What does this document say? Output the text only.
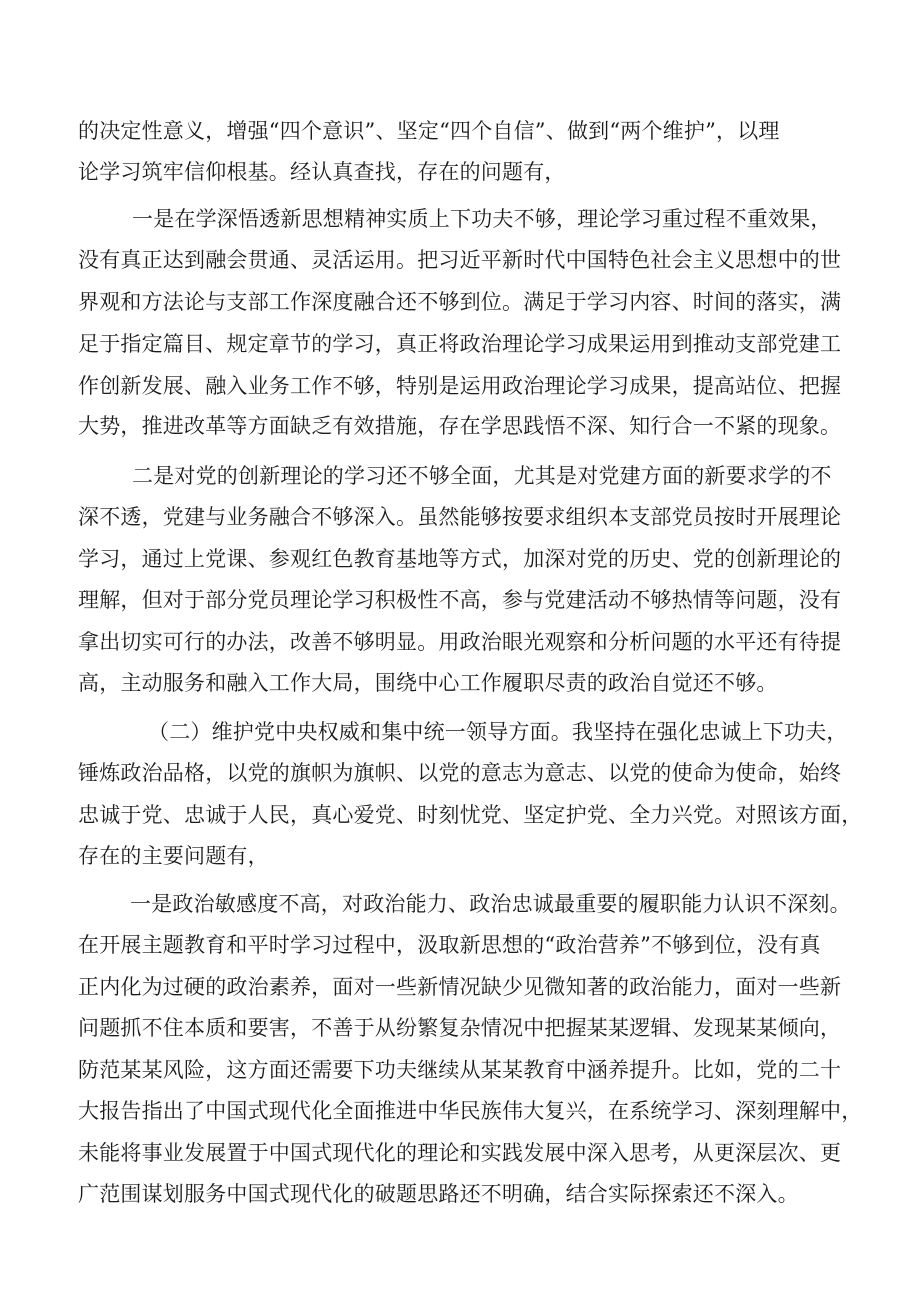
的决定性意义，增强“四个意识”、坚定“四个自信”、做到“两个维护”，以理
论学习筑牢信仰根基。经认真查找，存在的问题有，
一是在学深悟透新思想精神实质上下功夫不够，理论学习重过程不重效果，
没有真正达到融会贯通、灵活运用。把习近平新时代中国特色社会主义思想中的世
界观和方法论与支部工作深度融合还不够到位。满足于学习内容、时间的落实，满
足于指定篇目、规定章节的学习，真正将政治理论学习成果运用到推动支部党建工
作创新发展、融入业务工作不够，特别是运用政治理论学习成果，提高站位、把握
大势，推进改革等方面缺乏有效措施，存在学思践悟不深、知行合一不紧的现象。
二是对党的创新理论的学习还不够全面，尤其是对党建方面的新要求学的不
深不透，党建与业务融合不够深入。虽然能够按要求组织本支部党员按时开展理论
学习，通过上党课、参观红色教育基地等方式，加深对党的历史、党的创新理论的
理解，但对于部分党员理论学习积极性不高，参与党建活动不够热情等问题，没有
拿出切实可行的办法，改善不够明显。用政治眼光观察和分析问题的水平还有待提
高，主动服务和融入工作大局，围绕中心工作履职尽责的政治自觉还不够。
（二）维护党中央权威和集中统一领导方面。我坚持在强化忠诚上下功夫，
锤炼政治品格，以党的旗帜为旗帜、以党的意志为意志、以党的使命为使命，始终
忠诚于党、忠诚于人民，真心爱党、时刻忧党、坚定护党、全力兴党。对照该方面，
存在的主要问题有，
一是政治敏感度不高，对政治能力、政治忠诚最重要的履职能力认识不深刻。
在开展主题教育和平时学习过程中，汲取新思想的“政治营养”不够到位，没有真
正内化为过硬的政治素养，面对一些新情况缺少见微知著的政治能力，面对一些新
问题抓不住本质和要害，不善于从纷繁复杂情况中把握某某逻辑、发现某某倾向，
防范某某风险，这方面还需要下功夫继续从某某教育中涵养提升。比如，党的二十
大报告指出了中国式现代化全面推进中华民族伟大复兴，在系统学习、深刻理解中，
未能将事业发展置于中国式现代化的理论和实践发展中深入思考，从更深层次、更
广范围谋划服务中国式现代化的破题思路还不明确，结合实际探索还不深入。
